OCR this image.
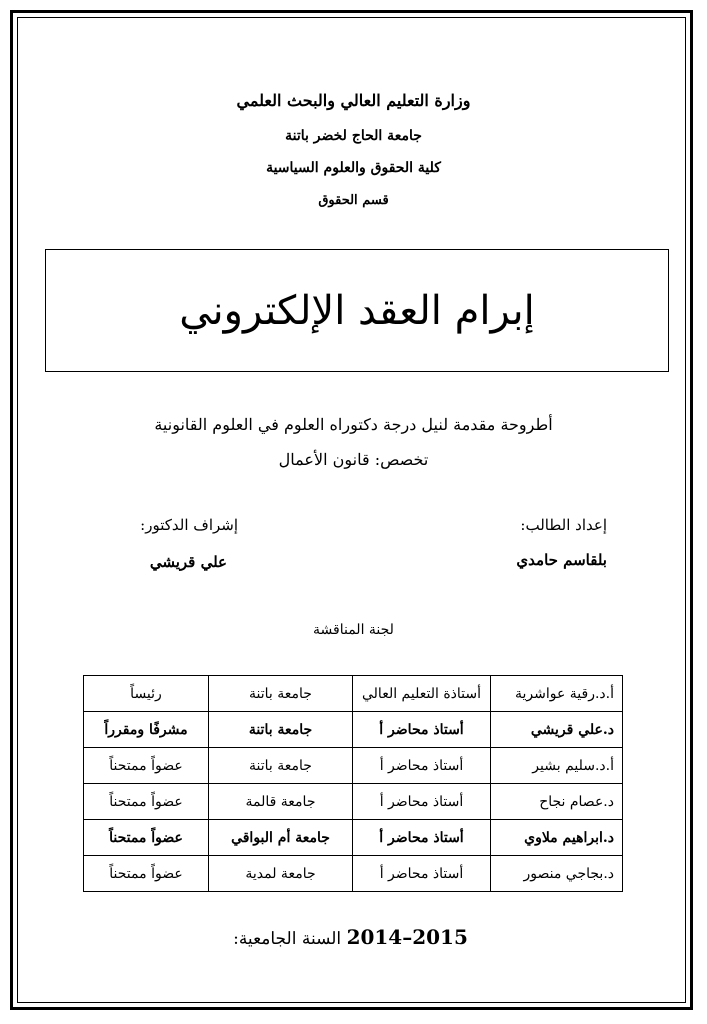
وزارة التعليم العالي والبحث العلمي
جامعة الحاج لخضر باتنة
كلية الحقوق والعلوم السياسية
قسم الحقوق
إبرام العقد الإلكتروني
أطروحة مقدمة لنيل درجة دكتوراه العلوم في العلوم القانونية
تخصص: قانون الأعمال
إعداد الطالب:
بلقاسم حامدي
إشراف الدكتور:
علي قريشي
لجنة المناقشة
أ.د.رقية عواشرية	أستاذة التعليم العالي	جامعة باتنة	رئيساً
د.علي قريشي	أستاذ محاضر أ	جامعة باتنة	مشرفًا ومقرراً
أ.د.سليم بشير	أستاذ محاضر أ	جامعة باتنة	عضواً ممتحناً
د.عصام نجاح	أستاذ محاضر أ	جامعة قالمة	عضواً ممتحناً
د.ابراهيم ملاوي	أستاذ محاضر أ	جامعة أم البواقي	عضواً ممتحناً
د.بجاجي منصور	أستاذ محاضر أ	جامعة لمدية	عضواً ممتحناً
السنة الجامعية: 2014–2015
